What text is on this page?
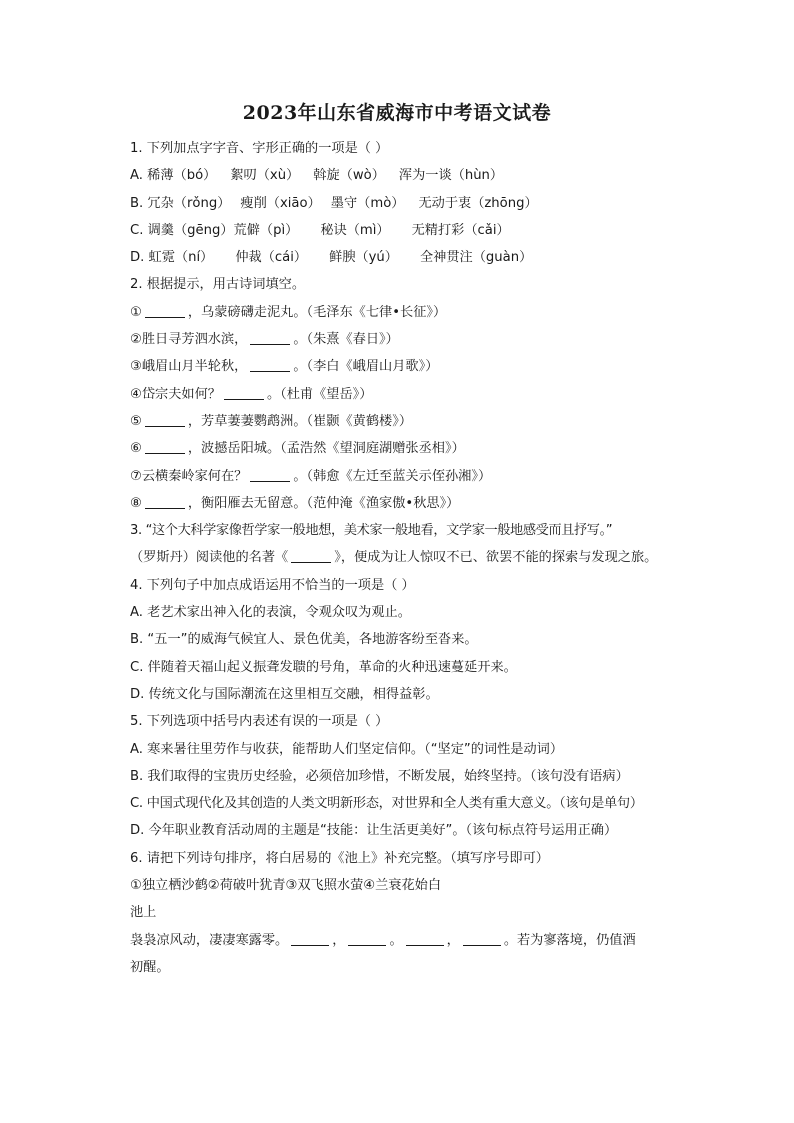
2023年山东省威海市中考语文试卷
1. 下列加点字字音、字形正确的一项是（ ）
A. 稀薄（bó） 絮叨（xù） 斡旋（wò） 浑为一谈（hùn）
B. 冗杂（rǒng） 瘦削（xiāo） 墨守（mò） 无动于衷（zhōng）
C. 调羹（gēng）荒僻（pì） 秘诀（mì） 无精打彩（cǎi）
D. 虹霓（ní） 仲裁（cái） 鲜腴（yú） 全神贯注（guàn）
2. 根据提示，用古诗词填空。
①	，乌蒙磅礴走泥丸。（毛泽东《七律•长征》）
②胜日寻芳泗水滨，	。（朱熹《春日》）
③峨眉山月半轮秋，	。（李白《峨眉山月歌》）
④岱宗夫如何？	。（杜甫《望岳》）
⑤	，芳草萋萋鹦鹉洲。（崔颢《黄鹤楼》）
⑥	，波撼岳阳城。（孟浩然《望洞庭湖赠张丞相》）
⑦云横秦岭家何在？	。（韩愈《左迁至蓝关示侄孙湘》）
⑧	，衡阳雁去无留意。（范仲淹《渔家傲•秋思》）
3. “这个大科学家像哲学家一般地想，美术家一般地看，文学家一般地感受而且抒写。”
（罗斯丹）阅读他的名著《	》，便成为让人惊叹不已、欲罢不能的探索与发现之旅。
4. 下列句子中加点成语运用不恰当的一项是（ ）
A. 老艺术家出神入化的表演，令观众叹为观止。
B. “五一”的威海气候宜人、景色优美，各地游客纷至沓来。
C. 伴随着天福山起义振聋发聩的号角，革命的火种迅速蔓延开来。
D. 传统文化与国际潮流在这里相互交融，相得益彰。
5. 下列选项中括号内表述有误的一项是（ ）
A. 寒来暑往里劳作与收获，能帮助人们坚定信仰。（“坚定”的词性是动词）
B. 我们取得的宝贵历史经验，必须倍加珍惜，不断发展，始终坚持。（该句没有语病）
C. 中国式现代化及其创造的人类文明新形态，对世界和全人类有重大意义。（该句是单句）
D. 今年职业教育活动周的主题是“技能：让生活更美好”。（该句标点符号运用正确）
6. 请把下列诗句排序，将白居易的《池上》补充完整。（填写序号即可）
①独立栖沙鹤②荷破叶犹青③双飞照水萤④兰衰花始白
池上
袅袅凉风动，凄凄寒露零。	，	。	，	。若为寥落境，仍值酒
初醒。
